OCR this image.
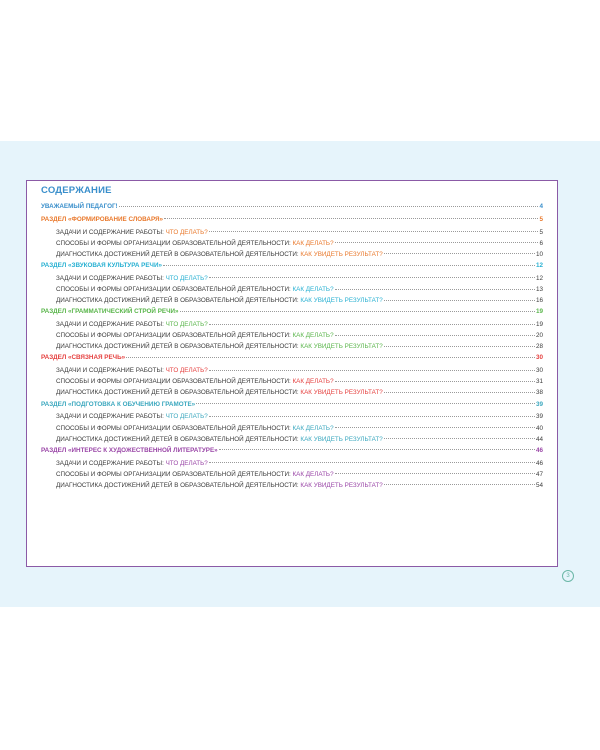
СОДЕРЖАНИЕ
УВАЖАЕМЫЙ ПЕДАГОГ!	4
РАЗДЕЛ «ФОРМИРОВАНИЕ СЛОВАРЯ»	5
ЗАДАЧИ И СОДЕРЖАНИЕ РАБОТЫ: ЧТО ДЕЛАТЬ?	5
СПОСОБЫ И ФОРМЫ ОРГАНИЗАЦИИ ОБРАЗОВАТЕЛЬНОЙ ДЕЯТЕЛЬНОСТИ: КАК ДЕЛАТЬ?	6
ДИАГНОСТИКА ДОСТИЖЕНИЙ ДЕТЕЙ В ОБРАЗОВАТЕЛЬНОЙ ДЕЯТЕЛЬНОСТИ: КАК УВИДЕТЬ РЕЗУЛЬТАТ?	10
РАЗДЕЛ «ЗВУКОВАЯ КУЛЬТУРА РЕЧИ»	12
ЗАДАЧИ И СОДЕРЖАНИЕ РАБОТЫ: ЧТО ДЕЛАТЬ?	12
СПОСОБЫ И ФОРМЫ ОРГАНИЗАЦИИ ОБРАЗОВАТЕЛЬНОЙ ДЕЯТЕЛЬНОСТИ: КАК ДЕЛАТЬ?	13
ДИАГНОСТИКА ДОСТИЖЕНИЙ ДЕТЕЙ В ОБРАЗОВАТЕЛЬНОЙ ДЕЯТЕЛЬНОСТИ: КАК УВИДЕТЬ РЕЗУЛЬТАТ?	16
РАЗДЕЛ «ГРАММАТИЧЕСКИЙ СТРОЙ РЕЧИ»	19
ЗАДАЧИ И СОДЕРЖАНИЕ РАБОТЫ: ЧТО ДЕЛАТЬ?	19
СПОСОБЫ И ФОРМЫ ОРГАНИЗАЦИИ ОБРАЗОВАТЕЛЬНОЙ ДЕЯТЕЛЬНОСТИ: КАК ДЕЛАТЬ?	20
ДИАГНОСТИКА ДОСТИЖЕНИЙ ДЕТЕЙ В ОБРАЗОВАТЕЛЬНОЙ ДЕЯТЕЛЬНОСТИ: КАК УВИДЕТЬ РЕЗУЛЬТАТ?	28
РАЗДЕЛ «СВЯЗНАЯ РЕЧЬ»	30
ЗАДАЧИ И СОДЕРЖАНИЕ РАБОТЫ: ЧТО ДЕЛАТЬ?	30
СПОСОБЫ И ФОРМЫ ОРГАНИЗАЦИИ ОБРАЗОВАТЕЛЬНОЙ ДЕЯТЕЛЬНОСТИ: КАК ДЕЛАТЬ?	31
ДИАГНОСТИКА ДОСТИЖЕНИЙ ДЕТЕЙ В ОБРАЗОВАТЕЛЬНОЙ ДЕЯТЕЛЬНОСТИ: КАК УВИДЕТЬ РЕЗУЛЬТАТ?	38
РАЗДЕЛ «ПОДГОТОВКА К ОБУЧЕНИЮ ГРАМОТЕ»	39
ЗАДАЧИ И СОДЕРЖАНИЕ РАБОТЫ: ЧТО ДЕЛАТЬ?	39
СПОСОБЫ И ФОРМЫ ОРГАНИЗАЦИИ ОБРАЗОВАТЕЛЬНОЙ ДЕЯТЕЛЬНОСТИ: КАК ДЕЛАТЬ?	40
ДИАГНОСТИКА ДОСТИЖЕНИЙ ДЕТЕЙ В ОБРАЗОВАТЕЛЬНОЙ ДЕЯТЕЛЬНОСТИ: КАК УВИДЕТЬ РЕЗУЛЬТАТ?	44
РАЗДЕЛ «ИНТЕРЕС К ХУДОЖЕСТВЕННОЙ ЛИТЕРАТУРЕ»	46
ЗАДАЧИ И СОДЕРЖАНИЕ РАБОТЫ: ЧТО ДЕЛАТЬ?	46
СПОСОБЫ И ФОРМЫ ОРГАНИЗАЦИИ ОБРАЗОВАТЕЛЬНОЙ ДЕЯТЕЛЬНОСТИ: КАК ДЕЛАТЬ?	47
ДИАГНОСТИКА ДОСТИЖЕНИЙ ДЕТЕЙ В ОБРАЗОВАТЕЛЬНОЙ ДЕЯТЕЛЬНОСТИ: КАК УВИДЕТЬ РЕЗУЛЬТАТ?	54
3
